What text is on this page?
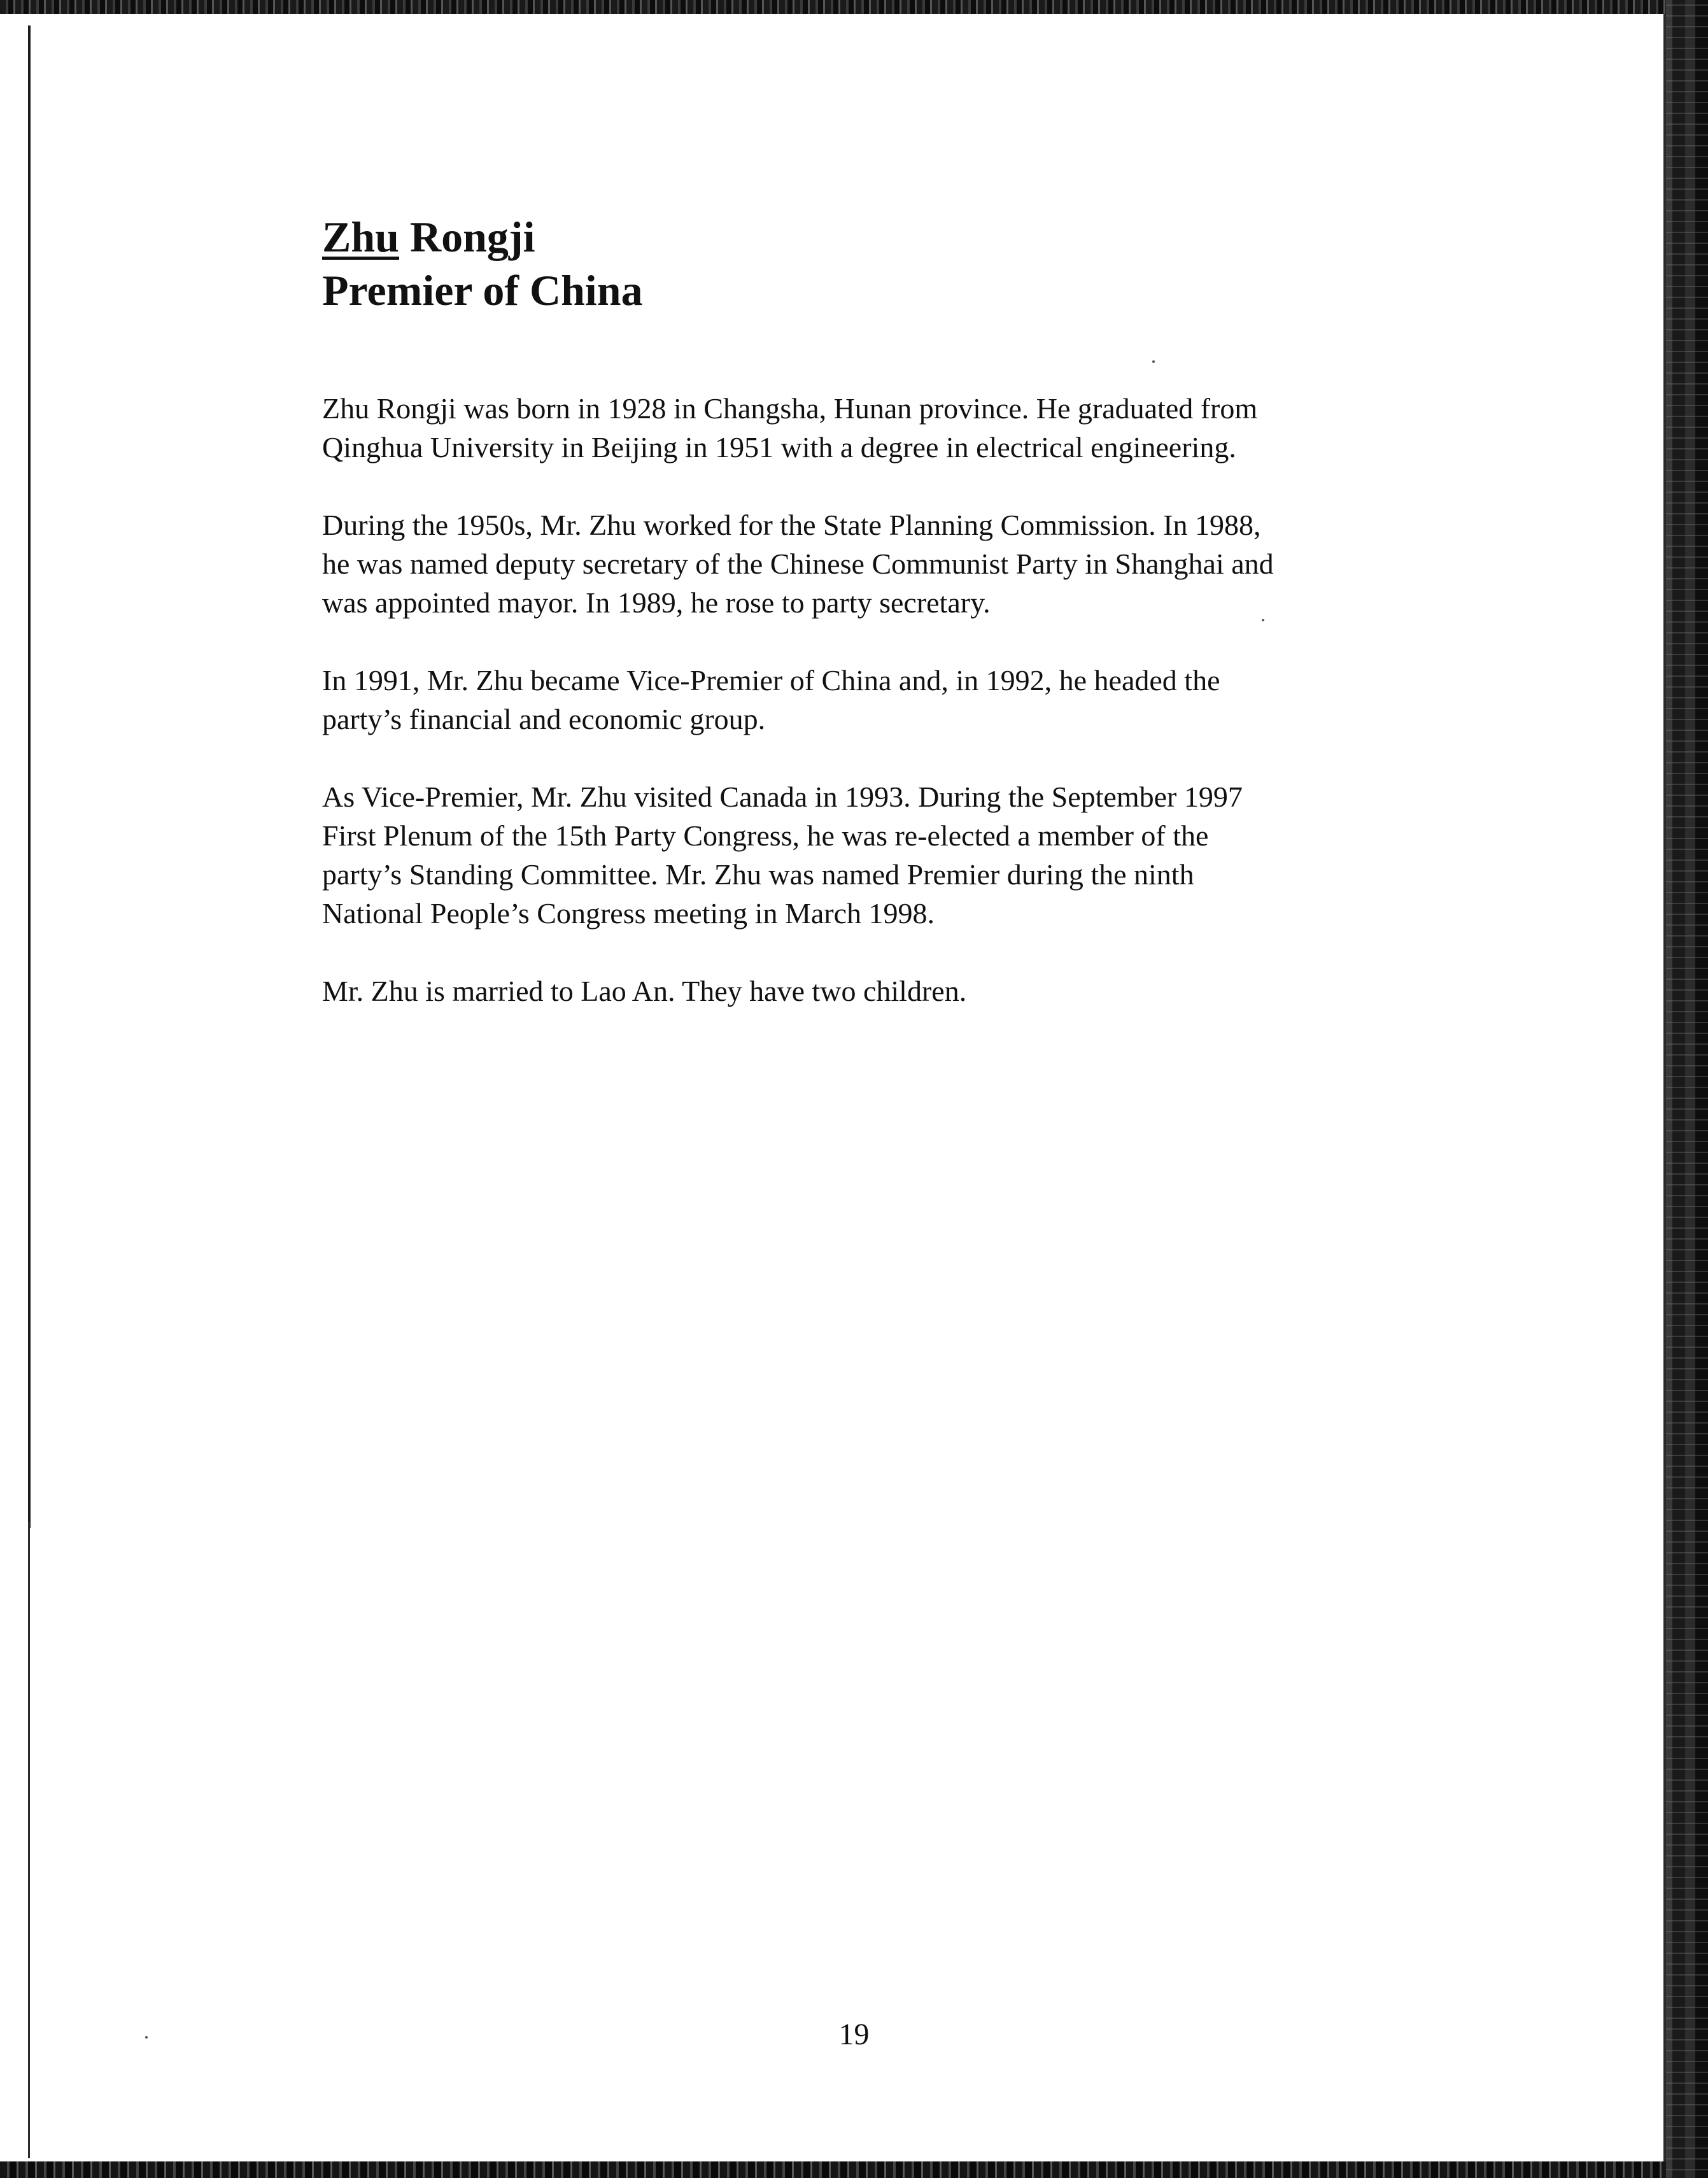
Zhu Rongji
Premier of China

Zhu Rongji was born in 1928 in Changsha, Hunan province. He graduated from
Qinghua University in Beijing in 1951 with a degree in electrical engineering.

During the 1950s, Mr. Zhu worked for the State Planning Commission. In 1988,
he was named deputy secretary of the Chinese Communist Party in Shanghai and
was appointed mayor. In 1989, he rose to party secretary.

In 1991, Mr. Zhu became Vice-Premier of China and, in 1992, he headed the
party’s financial and economic group.

As Vice-Premier, Mr. Zhu visited Canada in 1993. During the September 1997
First Plenum of the 15th Party Congress, he was re-elected a member of the
party’s Standing Committee. Mr. Zhu was named Premier during the ninth
National People’s Congress meeting in March 1998.

Mr. Zhu is married to Lao An. They have two children.

19
